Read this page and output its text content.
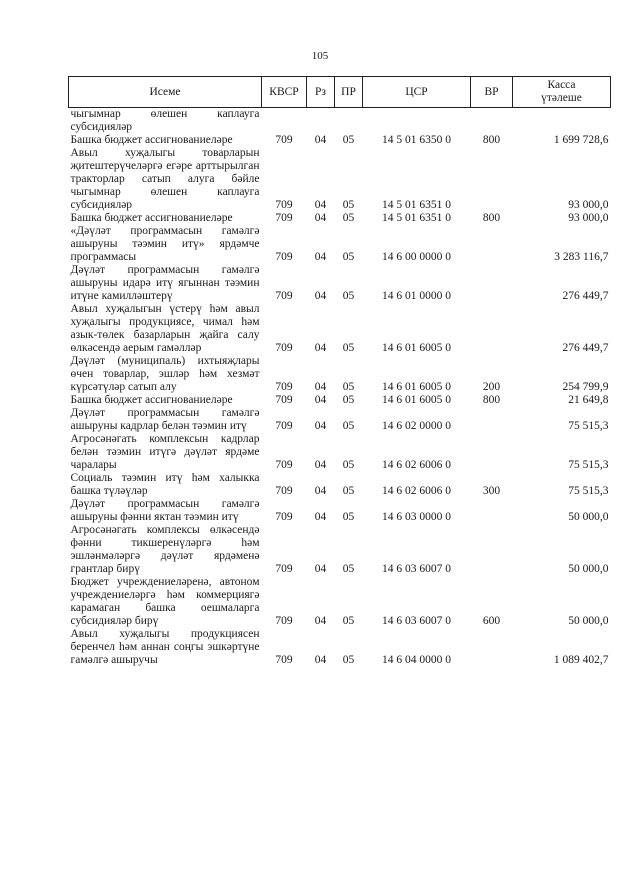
105
Исеме	КВСР	Рз	ПР	ЦСР	ВР	Касса
үтәлеше
чыгымнар өлешен каплауга субсидияләр						
Башка бюджет ассигнованиеләре	709	04	05	14 5 01 6350 0	800	1 699 728,6
Авыл хуҗалыгы товарларын җитештерүчеләргә егәре арттырылган тракторлар сатып алуга бәйле чыгымнар өлешен каплауга субсидияләр	709	04	05	14 5 01 6351 0		93 000,0
Башка бюджет ассигнованиеләре	709	04	05	14 5 01 6351 0	800	93 000,0
«Дәүләт программасын гамәлгә ашыруны тәэмин итү» ярдәмче программасы	709	04	05	14 6 00 0000 0		3 283 116,7
Дәүләт программасын гамәлгә ашыруны идарә итү ягыннан тәэмин итүне камилләштерү	709	04	05	14 6 01 0000 0		276 449,7
Авыл хуҗалыгын үстерү һәм авыл хуҗалыгы продукциясе, чимал һәм азык-төлек базарларын җайга салу өлкәсендә аерым гамәлләр	709	04	05	14 6 01 6005 0		276 449,7
Дәүләт (муниципаль) ихтыяҗлары өчен товарлар, эшләр һәм хезмәт күрсәтүләр сатып алу	709	04	05	14 6 01 6005 0	200	254 799,9
Башка бюджет ассигнованиеләре	709	04	05	14 6 01 6005 0	800	21 649,8
Дәүләт программасын гамәлгә ашыруны кадрлар белән тәэмин итү	709	04	05	14 6 02 0000 0		75 515,3
Агросәнәгать комплексын кадрлар белән тәэмин итүгә дәүләт ярдәме чаралары	709	04	05	14 6 02 6006 0		75 515,3
Социаль тәэмин итү һәм халыкка башка түләүләр	709	04	05	14 6 02 6006 0	300	75 515,3
Дәүләт программасын гамәлгә ашыруны фәнни яктан тәэмин итү	709	04	05	14 6 03 0000 0		50 000,0
Агросәнәгать комплексы өлкәсендә фәнни тикшеренүләргә һәм эшләнмәләргә дәүләт ярдәменә грантлар бирү	709	04	05	14 6 03 6007 0		50 000,0
Бюджет учреждениеләренә, автоном учреждениеләргә һәм коммерциягә карамаган башка оешмаларга субсидияләр бирү	709	04	05	14 6 03 6007 0	600	50 000,0
Авыл хуҗалыгы продукциясен беренчел һәм аннан соңгы эшкәртүне гамәлгә ашыручы	709	04	05	14 6 04 0000 0		1 089 402,7
